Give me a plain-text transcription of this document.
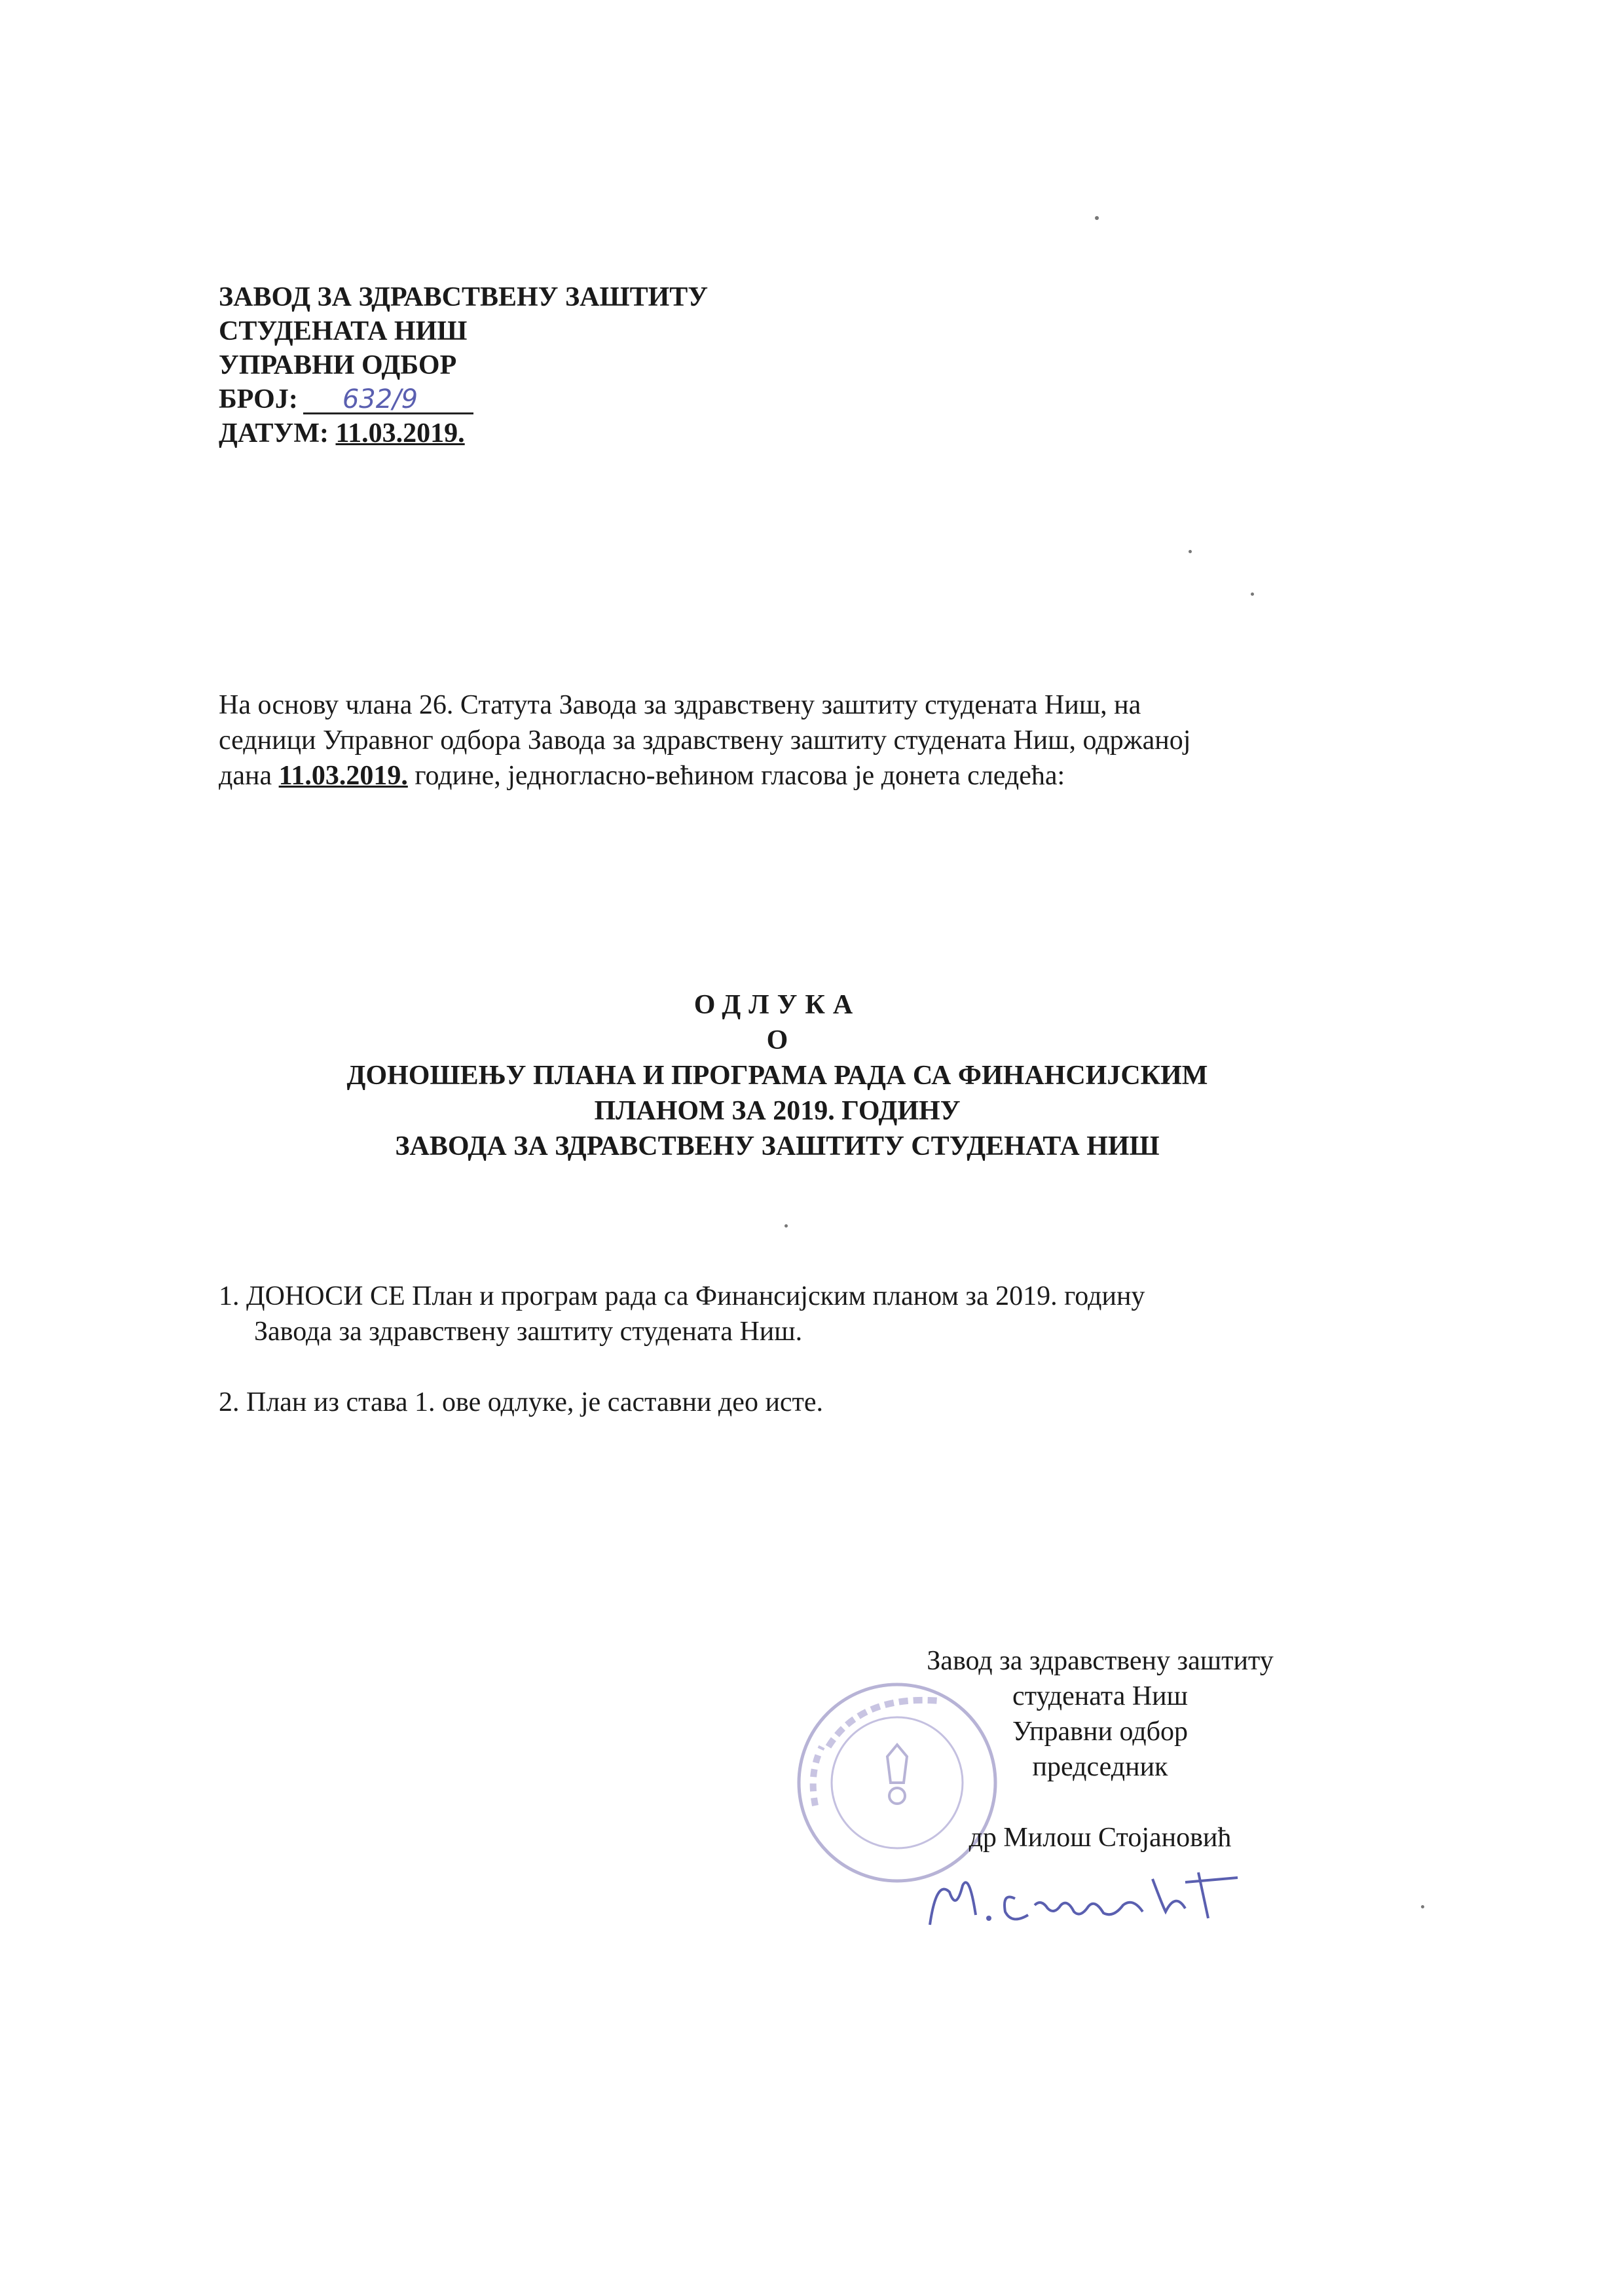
ЗАВОД ЗА ЗДРАВСТВЕНУ ЗАШТИТУ
СТУДЕНАТА НИШ
УПРАВНИ ОДБОР
БРОЈ: 632/9
ДАТУМ: 11.03.2019.
На основу члана 26. Статута Завода за здравствену заштиту студената Ниш, на
седници Управног одбора Завода за здравствену заштиту студената Ниш, одржаној
дана 11.03.2019. године, једногласно-већином гласова је донета следећа:
ОДЛУКА
О
ДОНОШЕЊУ ПЛАНА И ПРОГРАМА РАДА СА ФИНАНСИЈСКИМ
ПЛАНОМ ЗА 2019. ГОДИНУ
ЗАВОДА ЗА ЗДРАВСТВЕНУ ЗАШТИТУ СТУДЕНАТА НИШ
1. ДОНОСИ СЕ План и програм рада са Финансијским планом за 2019. годину
Завода за здравствену заштиту студената Ниш.
2. План из става 1. ове одлуке, је саставни део исте.
Завод за здравствену заштиту
студената Ниш
Управни одбор
председник
др Милош Стојановић
